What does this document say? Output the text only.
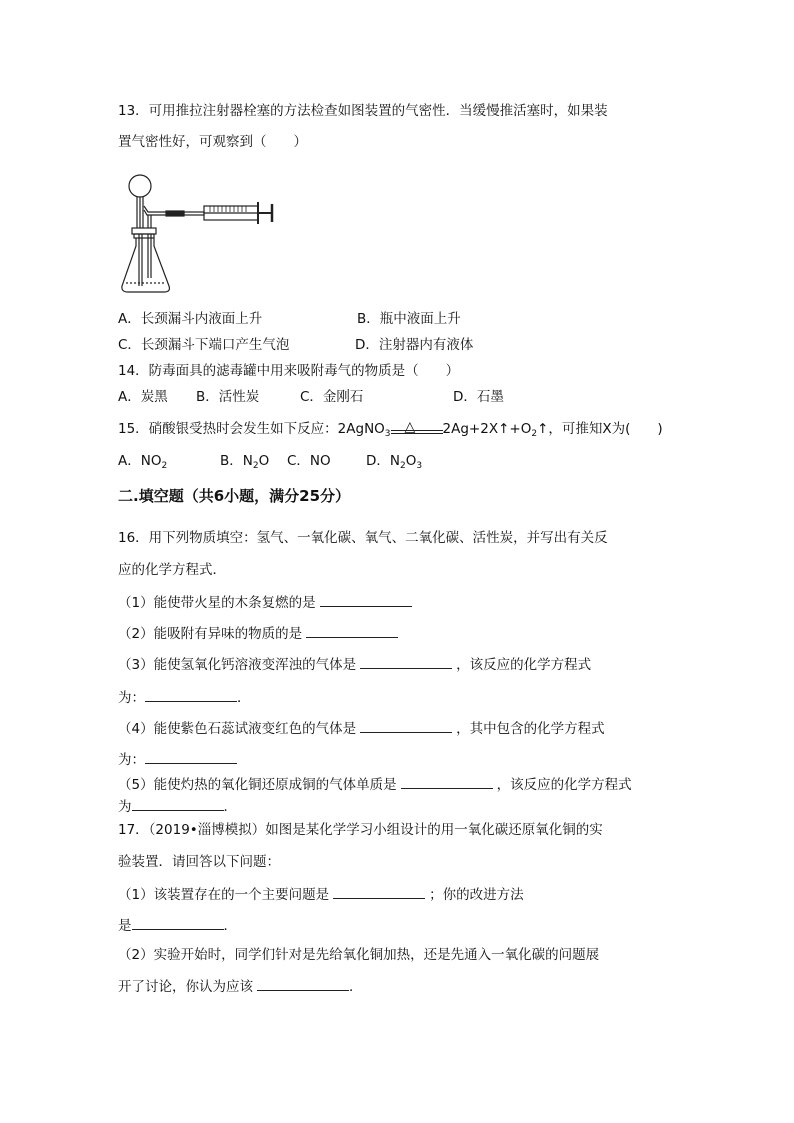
13．可用推拉注射器栓塞的方法检查如图装置的气密性．当缓慢推活塞时，如果装
置气密性好，可观察到（　　）
A．长颈漏斗内液面上升	B．瓶中液面上升
C．长颈漏斗下端口产生气泡	D．注射器内有液体
14．防毒面具的滤毒罐中用来吸附毒气的物质是（　　）
A．炭黑 B．活性炭	C．金刚石	D．石墨
15．硝酸银受热时会发生如下反应：2AgNO$_3$ △ $2Ag+2X↑+O_2↑$，可推知X为(　　)
A．$NO_2$	B．$N_2O$ C．NO	D．$N_2O_3$
二.填空题（共6小题，满分25分）
16．用下列物质填空：氢气、一氧化碳、氧气、二氧化碳、活性炭，并写出有关反
应的化学方程式．
（1）能使带火星的木条复燃的是
（2）能吸附有异味的物质的是
（3）能使氢氧化钙溶液变浑浊的气体是	，该反应的化学方程式
为：	．
（4）能使紫色石蕊试液变红色的气体是	，其中包含的化学方程式
为：
（5）能使灼热的氧化铜还原成铜的气体单质是	，该反应的化学方程式
为	．
17．（2019•淄博模拟）如图是某化学学习小组设计的用一氧化碳还原氧化铜的实
验装置．请回答以下问题：
（1）该装置存在的一个主要问题是	；你的改进方法
是	．
（2）实验开始时，同学们针对是先给氧化铜加热，还是先通入一氧化碳的问题展
开了讨论，你认为应该	．
